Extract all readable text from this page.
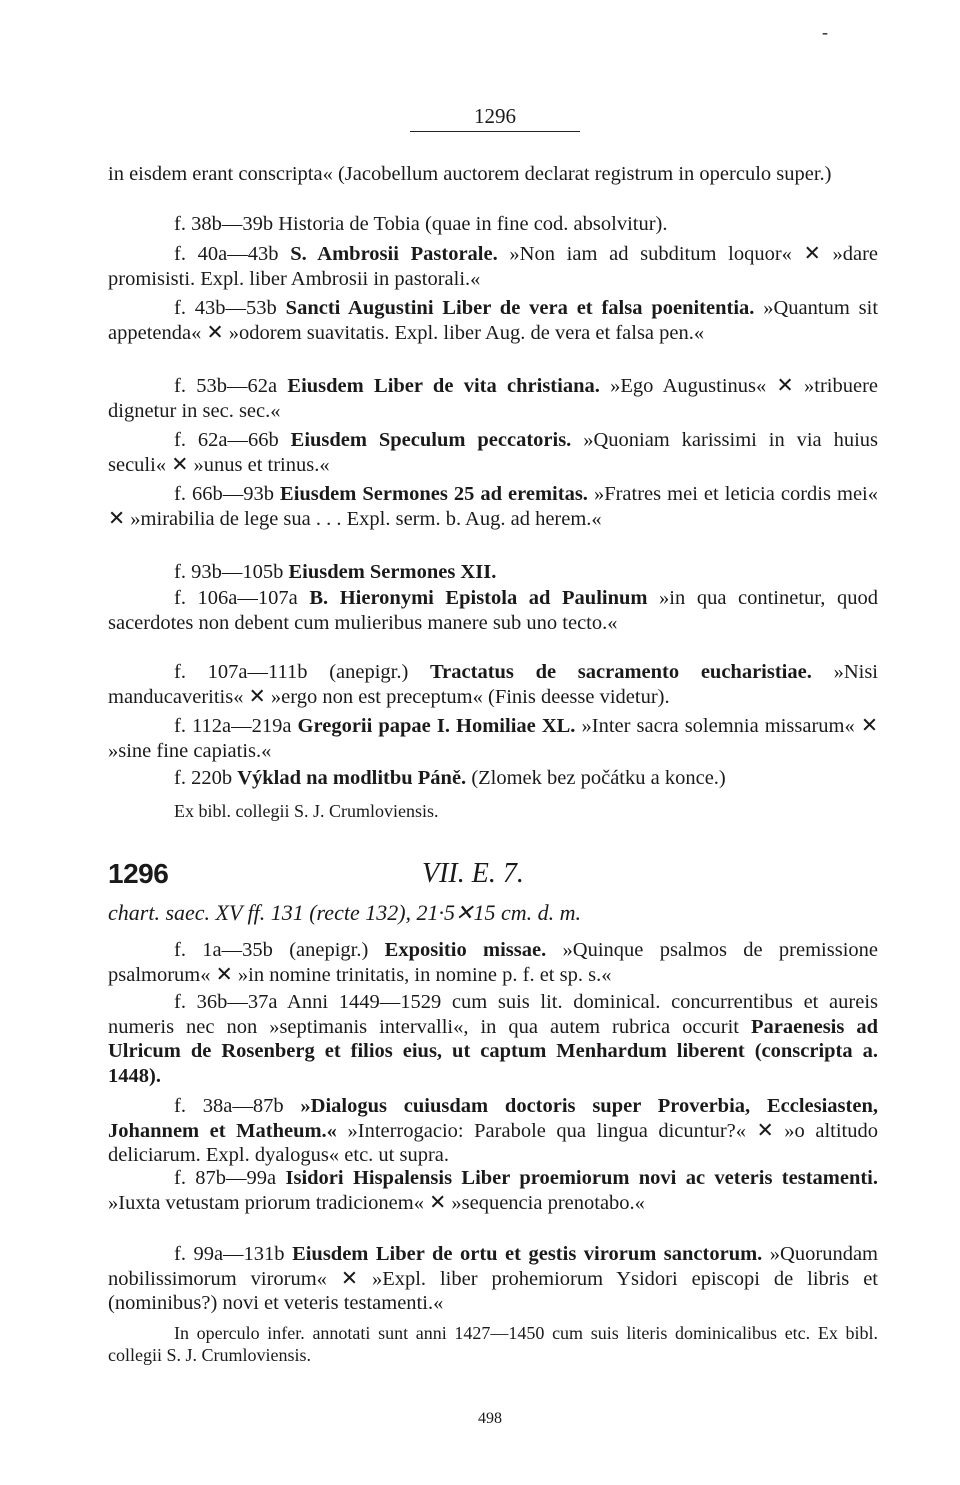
-
1296
in eisdem erant conscripta« (Jacobellum auctorem declarat registrum in operculo super.)
f. 38b—39b Historia de Tobia (quae in fine cod. absolvitur).
f. 40a—43b S. Ambrosii Pastorale. »Non iam ad subditum loquor« ✕ »dare promisisti. Expl. liber Ambrosii in pastorali.«
f. 43b—53b Sancti Augustini Liber de vera et falsa poenitentia. »Quantum sit appetenda« ✕ »odorem suavitatis. Expl. liber Aug. de vera et falsa pen.«
f. 53b—62a Eiusdem Liber de vita christiana. »Ego Augustinus« ✕ »tribuere dignetur in sec. sec.«
f. 62a—66b Eiusdem Speculum peccatoris. »Quoniam karissimi in via huius seculi« ✕ »unus et trinus.«
f. 66b—93b Eiusdem Sermones 25 ad eremitas. »Fratres mei et leticia cordis mei« ✕ »mirabilia de lege sua . . . Expl. serm. b. Aug. ad herem.«
f. 93b—105b Eiusdem Sermones XII.
f. 106a—107a B. Hieronymi Epistola ad Paulinum »in qua continetur, quod sacerdotes non debent cum mulieribus manere sub uno tecto.«
f. 107a—111b (anepigr.) Tractatus de sacramento eucharistiae. »Nisi manducaveritis« ✕ »ergo non est preceptum« (Finis deesse videtur).
f. 112a—219a Gregorii papae I. Homiliae XL. »Inter sacra solemnia missarum« ✕ »sine fine capiatis.«
f. 220b Výklad na modlitbu Páně. (Zlomek bez počátku a konce.)
Ex bibl. collegii S. J. Crumloviensis.
1296	VII. E. 7.
chart. saec. XV ff. 131 (recte 132), 21·5✕15 cm. d. m.
f. 1a—35b (anepigr.) Expositio missae. »Quinque psalmos de premissione psalmorum« ✕ »in nomine trinitatis, in nomine p. f. et sp. s.«
f. 36b—37a Anni 1449—1529 cum suis lit. dominical. concurrentibus et aureis numeris nec non »septimanis intervalli«, in qua autem rubrica occurit Paraenesis ad Ulricum de Rosenberg et filios eius, ut captum Menhardum liberent (conscripta a. 1448).
f. 38a—87b »Dialogus cuiusdam doctoris super Proverbia, Ecclesiasten, Johannem et Matheum.« »Interrogacio: Parabole qua lingua dicuntur?« ✕ »o altitudo deliciarum. Expl. dyalogus« etc. ut supra.
f. 87b—99a Isidori Hispalensis Liber proemiorum novi ac veteris testamenti. »Iuxta vetustam priorum tradicionem« ✕ »sequencia prenotabo.«
f. 99a—131b Eiusdem Liber de ortu et gestis virorum sanctorum. »Quorundam nobilissimorum virorum« ✕ »Expl. liber prohemiorum Ysidori episcopi de libris et (nominibus?) novi et veteris testamenti.«
In operculo infer. annotati sunt anni 1427—1450 cum suis literis dominicalibus etc. Ex bibl. collegii S. J. Crumloviensis.
498
